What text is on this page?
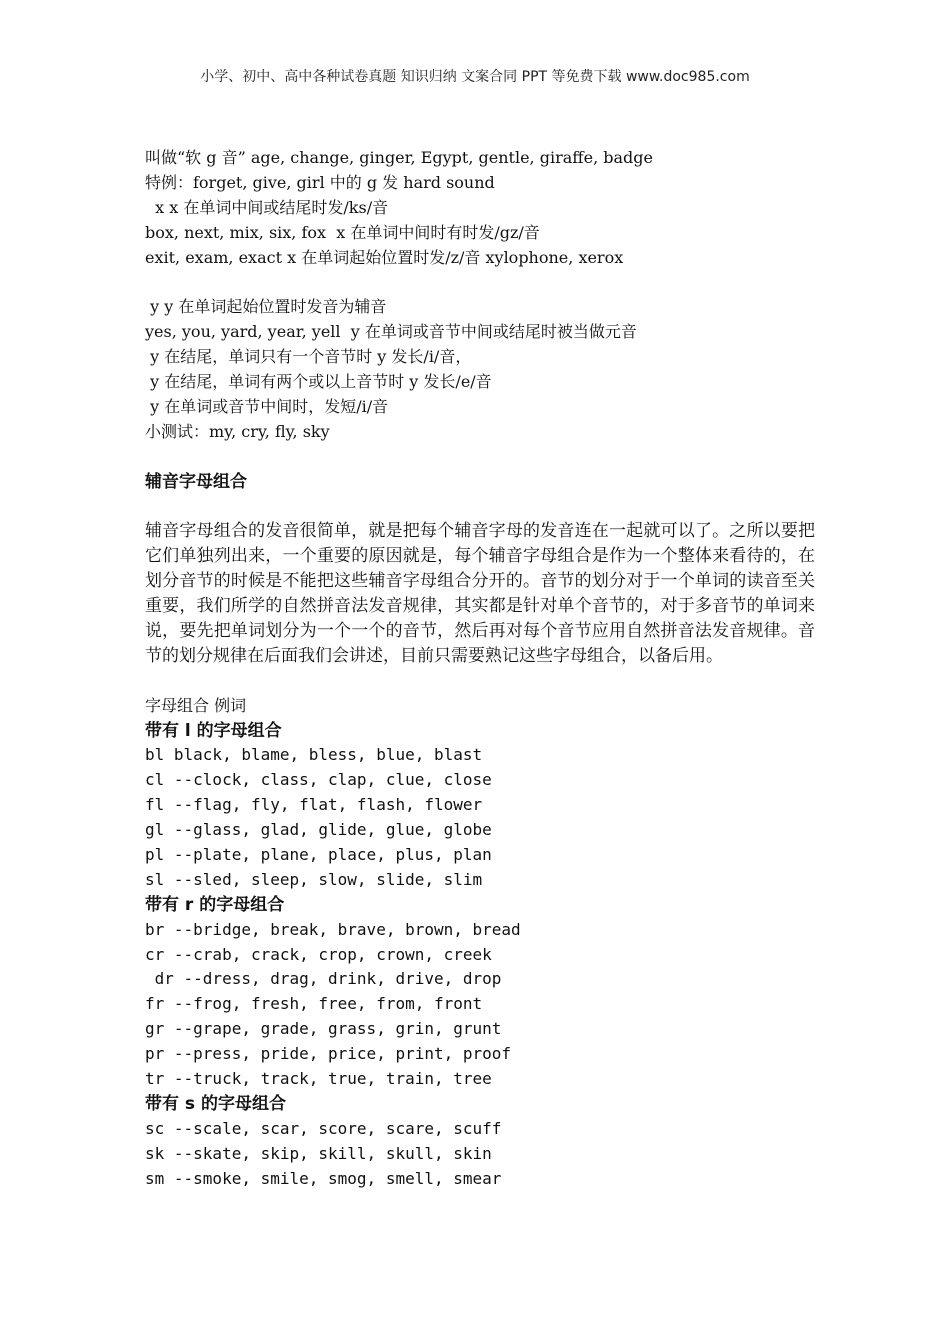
小学、初中、高中各种试卷真题 知识归纳 文案合同 PPT 等免费下载 www.doc985.com
叫做“软 g 音” age, change, ginger, Egypt, gentle, giraffe, badge
特例：forget, give, girl 中的 g 发 hard sound
x x 在单词中间或结尾时发/ks/音
box, next, mix, six, fox  x 在单词中间时有时发/gz/音
exit, exam, exact x 在单词起始位置时发/z/音 xylophone, xerox
y y 在单词起始位置时发音为辅音
yes, you, yard, year, yell  y 在单词或音节中间或结尾时被当做元音
y 在结尾，单词只有一个音节时 y 发长/i/音，
y 在结尾，单词有两个或以上音节时 y 发长/e/音
y 在单词或音节中间时，发短/i/音
小测试：my, cry, fly, sky
辅音字母组合
辅音字母组合的发音很简单，就是把每个辅音字母的发音连在一起就可以了。之所以要把它们单独列出来，一个重要的原因就是，每个辅音字母组合是作为一个整体来看待的，在划分音节的时候是不能把这些辅音字母组合分开的。音节的划分对于一个单词的读音至关重要，我们所学的自然拼音法发音规律，其实都是针对单个音节的，对于多音节的单词来说，要先把单词划分为一个一个的音节，然后再对每个音节应用自然拼音法发音规律。音节的划分规律在后面我们会讲述，目前只需要熟记这些字母组合，以备后用。
字母组合 例词
带有 l 的字母组合
bl black, blame, bless, blue, blast
cl --clock, class, clap, clue, close
fl --flag, fly, flat, flash, flower
gl --glass, glad, glide, glue, globe
pl --plate, plane, place, plus, plan
sl --sled, sleep, slow, slide, slim
带有 r 的字母组合
br --bridge, break, brave, brown, bread
cr --crab, crack, crop, crown, creek
dr --dress, drag, drink, drive, drop
fr --frog, fresh, free, from, front
gr --grape, grade, grass, grin, grunt
pr --press, pride, price, print, proof
tr --truck, track, true, train, tree
带有 s 的字母组合
sc --scale, scar, score, scare, scuff
sk --skate, skip, skill, skull, skin
sm --smoke, smile, smog, smell, smear
